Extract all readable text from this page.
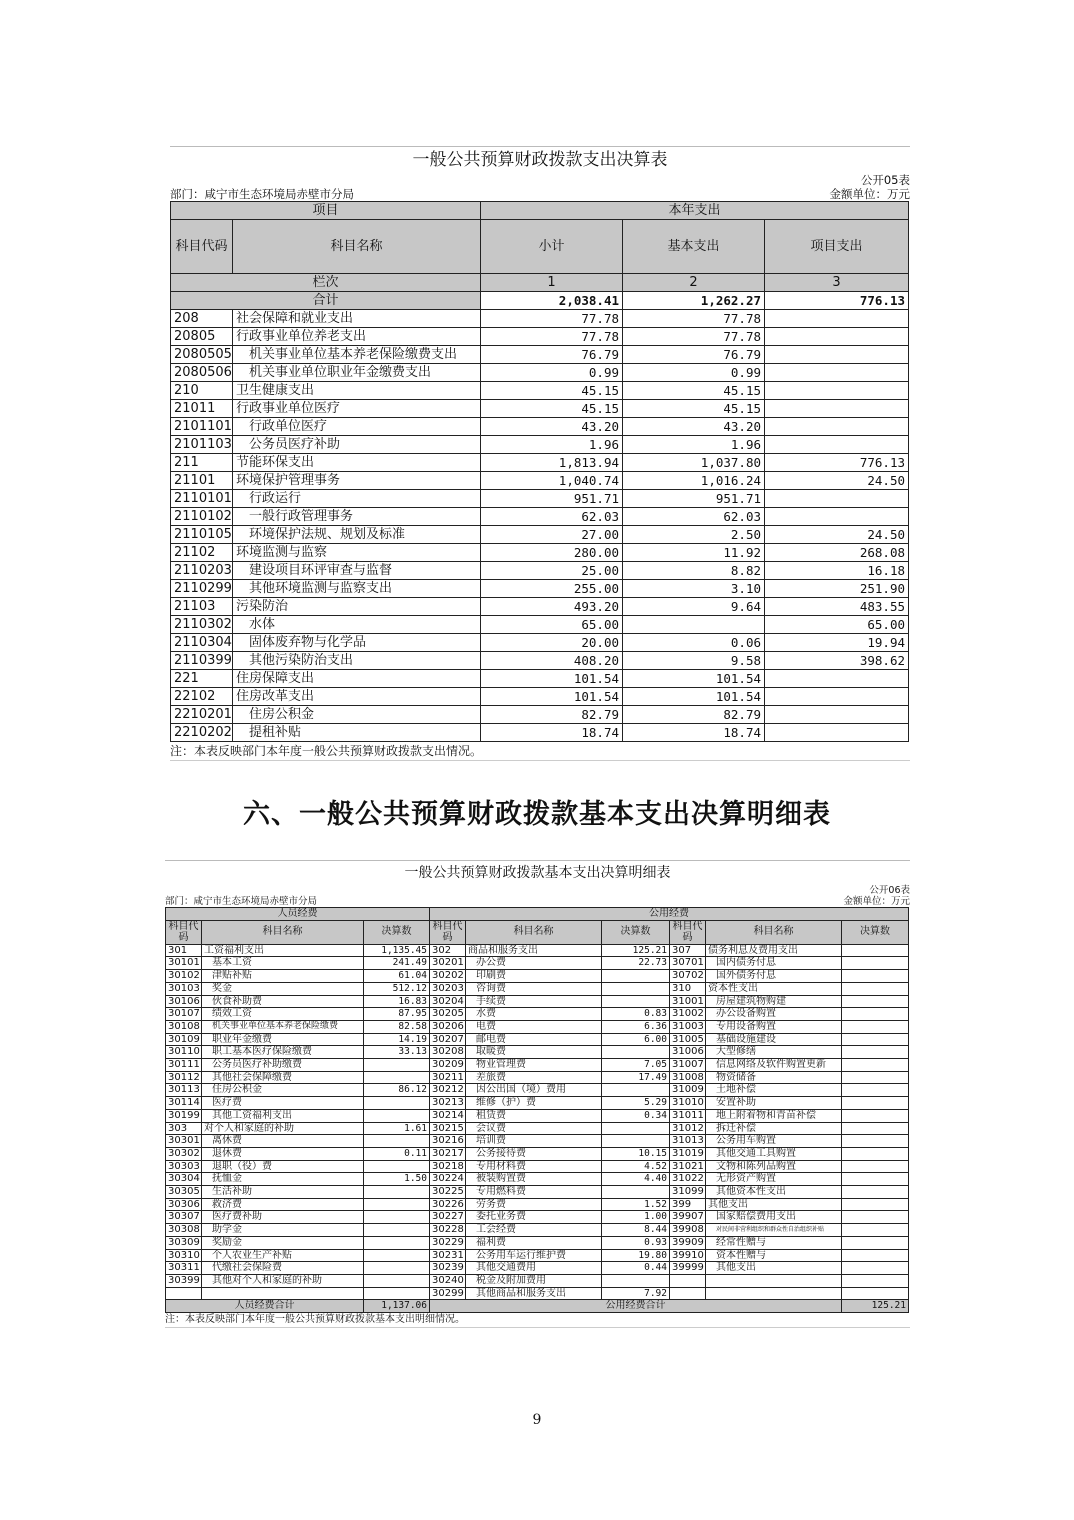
一般公共预算财政拨款支出决算表
公开05表
部门：咸宁市生态环境局赤壁市分局	金额单位：万元
项目		本年支出		
科目代码	科目名称	小计	基本支出	项目支出
栏次		1	2	3
合计		2,038.41	1,262.27	776.13
208	社会保障和就业支出	77.78	77.78	
20805	行政事业单位养老支出	77.78	77.78	
2080505	机关事业单位基本养老保险缴费支出	76.79	76.79	
2080506	机关事业单位职业年金缴费支出	0.99	0.99	
210	卫生健康支出	45.15	45.15	
21011	行政事业单位医疗	45.15	45.15	
2101101	行政单位医疗	43.20	43.20	
2101103	公务员医疗补助	1.96	1.96	
211	节能环保支出	1,813.94	1,037.80	776.13
21101	环境保护管理事务	1,040.74	1,016.24	24.50
2110101	行政运行	951.71	951.71	
2110102	一般行政管理事务	62.03	62.03	
2110105	环境保护法规、规划及标准	27.00	2.50	24.50
21102	环境监测与监察	280.00	11.92	268.08
2110203	建设项目环评审查与监督	25.00	8.82	16.18
2110299	其他环境监测与监察支出	255.00	3.10	251.90
21103	污染防治	493.20	9.64	483.55
2110302	水体	65.00		65.00
2110304	固体废弃物与化学品	20.00	0.06	19.94
2110399	其他污染防治支出	408.20	9.58	398.62
221	住房保障支出	101.54	101.54	
22102	住房改革支出	101.54	101.54	
2210201	住房公积金	82.79	82.79	
2210202	提租补贴	18.74	18.74	
注：本表反映部门本年度一般公共预算财政拨款支出情况。
六、一般公共预算财政拨款基本支出决算明细表
一般公共预算财政拨款基本支出决算明细表
公开06表
部门：咸宁市生态环境局赤壁市分局	金额单位：万元
人员经费			公用经费					
科目代码	科目名称	决算数	科目代码	科目名称	决算数	科目代码	科目名称	决算数
301	工资福利支出	1,135.45	302	商品和服务支出	125.21	307	债务利息及费用支出	
30101	基本工资	241.49	30201	办公费	22.73	30701	国内债务付息	
30102	津贴补贴	61.04	30202	印刷费		30702	国外债务付息	
30103	奖金	512.12	30203	咨询费		310	资本性支出	
30106	伙食补助费	16.83	30204	手续费		31001	房屋建筑物购建	
30107	绩效工资	87.95	30205	水费	0.83	31002	办公设备购置	
30108	机关事业单位基本养老保险缴费	82.58	30206	电费	6.36	31003	专用设备购置	
30109	职业年金缴费	14.19	30207	邮电费	6.00	31005	基础设施建设	
30110	职工基本医疗保险缴费	33.13	30208	取暖费		31006	大型修缮	
30111	公务员医疗补助缴费		30209	物业管理费	7.05	31007	信息网络及软件购置更新	
30112	其他社会保障缴费		30211	差旅费	17.49	31008	物资储备	
30113	住房公积金	86.12	30212	因公出国（境）费用		31009	土地补偿	
30114	医疗费		30213	维修（护）费	5.29	31010	安置补助	
30199	其他工资福利支出		30214	租赁费	0.34	31011	地上附着物和青苗补偿	
303	对个人和家庭的补助	1.61	30215	会议费		31012	拆迁补偿	
30301	离休费		30216	培训费		31013	公务用车购置	
30302	退休费	0.11	30217	公务接待费	10.15	31019	其他交通工具购置	
30303	退职（役）费		30218	专用材料费	4.52	31021	文物和陈列品购置	
30304	抚恤金	1.50	30224	被装购置费	4.40	31022	无形资产购置	
30305	生活补助		30225	专用燃料费		31099	其他资本性支出	
30306	救济费		30226	劳务费	1.52	399	其他支出	
30307	医疗费补助		30227	委托业务费	1.00	39907	国家赔偿费用支出	
30308	助学金		30228	工会经费	8.44	39908	对民间非营利组织和群众性自治组织补贴	
30309	奖励金		30229	福利费	0.93	39909	经常性赠与	
30310	个人农业生产补贴		30231	公务用车运行维护费	19.80	39910	资本性赠与	
30311	代缴社会保险费		30239	其他交通费用	0.44	39999	其他支出	
30399	其他对个人和家庭的补助		30240	税金及附加费用				
			30299	其他商品和服务支出	7.92			
人员经费合计		1,137.06	公用经费合计					125.21
注：本表反映部门本年度一般公共预算财政拨款基本支出明细情况。
9
